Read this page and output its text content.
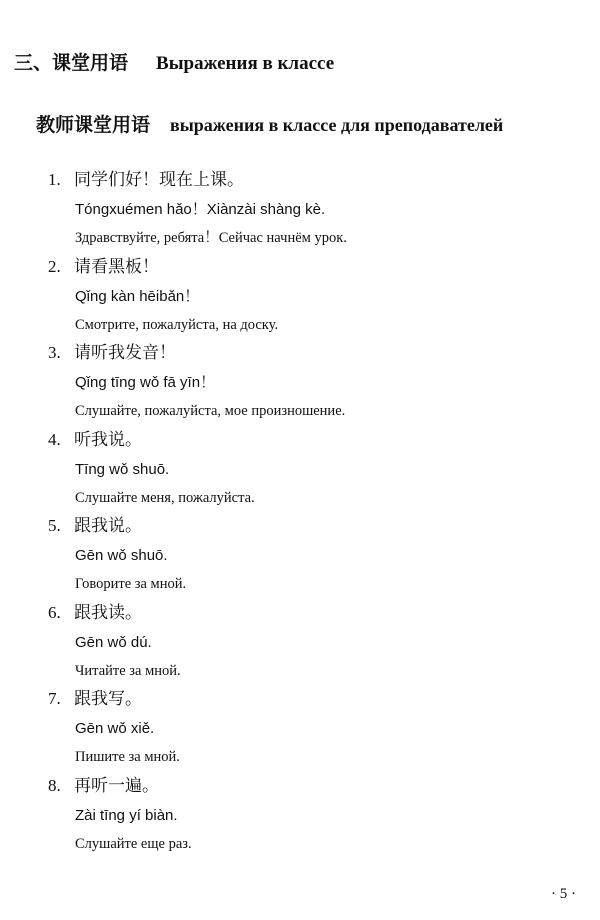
三、课堂用语 Выражения в классе
教师课堂用语 выражения в классе для преподавателей
1. 同学们好！现在上课。
Tóngxuémen hǎo！Xiànzài shàng kè.
Здравствуйте, ребята！Сейчас начнём урок.
2. 请看黑板！
Qǐng kàn hēibǎn！
Смотрите, пожалуйста, на доску.
3. 请听我发音！
Qǐng tīng wǒ fā yīn！
Слушайте, пожалуйста, мое произношение.
4. 听我说。
Tīng wǒ shuō.
Слушайте меня, пожалуйста.
5. 跟我说。
Gēn wǒ shuō.
Говорите за мной.
6. 跟我读。
Gēn wǒ dú.
Читайте за мной.
7. 跟我写。
Gēn wǒ xiě.
Пишите за мной.
8. 再听一遍。
Zài tīng yí biàn.
Слушайте еще раз.
· 5 ·
